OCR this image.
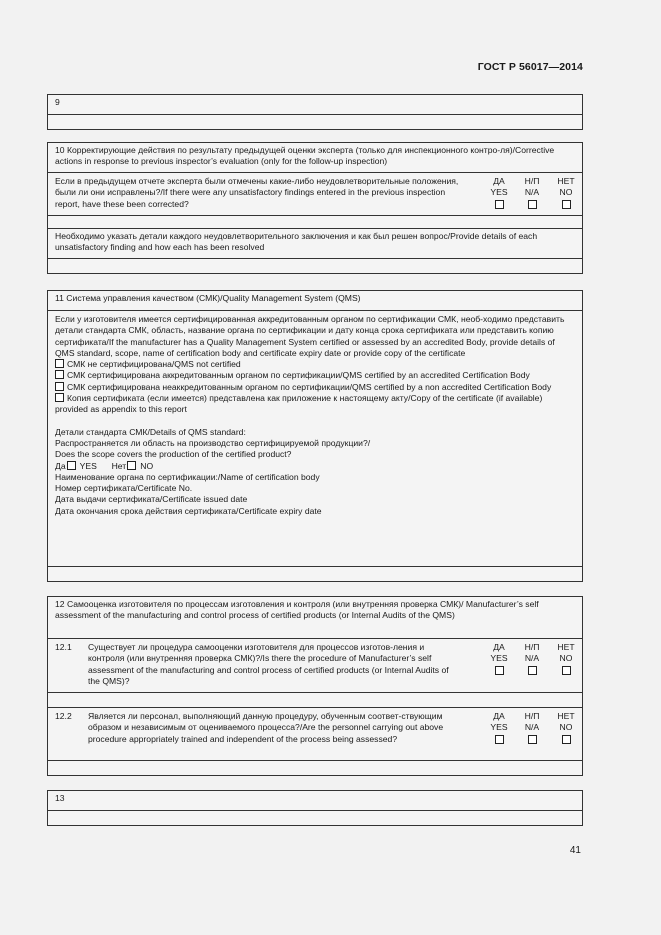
ГОСТ Р 56017—2014
9
10 Корректирующие действия по результату предыдущей оценки эксперта (только для инспекционного контро-ля)/Corrective actions in response to previous inspector’s evaluation (only for the follow-up inspection)
Если в предыдущем отчете эксперта были отмечены какие-либо неудовлетворительные положения, были ли они исправлены?/If there were any unsatisfactory findings entered in the previous inspection report, have these been corrected?
ДА
YES
Н/П
N/A
НЕТ
NO
Необходимо указать детали каждого неудовлетворительного заключения и как был решен вопрос/Provide details of each unsatisfactory finding and how each has been resolved
11 Система управления качеством (СМК)/Quality Management System (QMS)
Если у изготовителя имеется сертифицированная аккредитованным органом по сертификации СМК, необ-ходимо представить детали стандарта СМК, область, название органа по сертификации и дату конца срока сертификата или представить копию сертификата/If the manufacturer has a Quality Management System certified or assessed by an accredited Body, provide details of QMS standard, scope, name of certification body and certificate expiry date or provide copy of the certificate
СМК не сертифицирована/QMS not certified
СМК сертифицирована аккредитованным органом по сертификации/QMS certified by an accredited Certification Body
СМК сертифицирована неаккредитованным органом по сертификации/QMS certified by a non accredited Certification Body
Копия сертификата (если имеется) представлена как приложение к настоящему акту/Copy of the certificate (if available) provided as appendix to this report
Детали стандарта СМК/Details of QMS standard:
Распространяется ли область на производство сертифицируемой продукции?/
Does the scope covers the production of the certified product?
Да YES Нет NO
Наименование органа по сертификации:/Name of certification body
Номер сертификата/Certificate No.
Дата выдачи сертификата/Certificate issued date
Дата окончания срока действия сертификата/Certificate expiry date
12 Самооценка изготовителя по процессам изготовления и контроля (или внутренняя проверка СМК)/ Manufacturer’s self assessment of the manufacturing and control process of certified products (or Internal Audits of the QMS)
12.1 Существует ли процедура самооценки изготовителя для процессов изготов-ления и контроля (или внутренняя проверка СМК)?/Is there the procedure of Manufacturer’s self assessment of the manufacturing and control process of certified products (or Internal Audits of the QMS)?
ДА
YES
Н/П
N/A
НЕТ
NO
12.2 Является ли персонал, выполняющий данную процедуру, обученным соответ-ствующим образом и независимым от оцениваемого процесса?/Are the personnel carrying out above procedure appropriately trained and independent of the process being assessed?
ДА
YES
Н/П
N/A
НЕТ
NO
13
41
